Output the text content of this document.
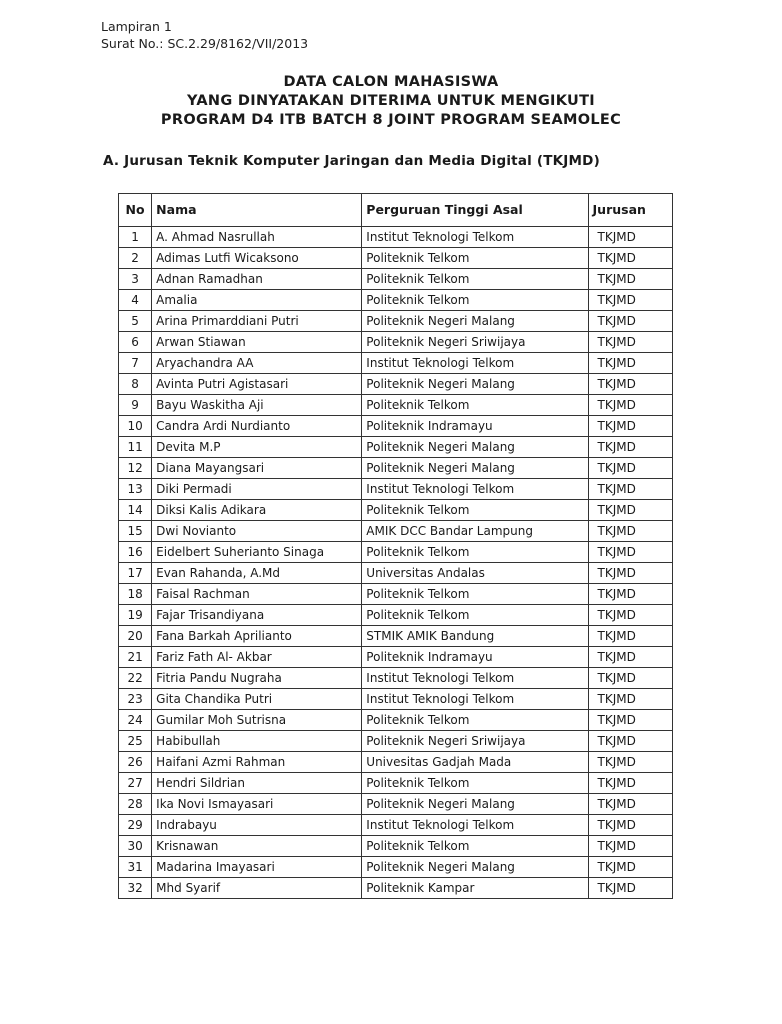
Lampiran 1
Surat No.: SC.2.29/8162/VII/2013
DATA CALON MAHASISWA
YANG DINYATAKAN DITERIMA UNTUK MENGIKUTI
PROGRAM D4 ITB BATCH 8 JOINT PROGRAM SEAMOLEC
A. Jurusan Teknik Komputer Jaringan dan Media Digital (TKJMD)
No	Nama	Perguruan Tinggi Asal	Jurusan
1	A. Ahmad Nasrullah	Institut Teknologi Telkom	TKJMD
2	Adimas Lutfi Wicaksono	Politeknik Telkom	TKJMD
3	Adnan Ramadhan	Politeknik Telkom	TKJMD
4	Amalia	Politeknik Telkom	TKJMD
5	Arina Primarddiani Putri	Politeknik Negeri Malang	TKJMD
6	Arwan Stiawan	Politeknik Negeri Sriwijaya	TKJMD
7	Aryachandra AA	Institut Teknologi Telkom	TKJMD
8	Avinta Putri Agistasari	Politeknik Negeri Malang	TKJMD
9	Bayu Waskitha Aji	Politeknik Telkom	TKJMD
10	Candra Ardi Nurdianto	Politeknik Indramayu	TKJMD
11	Devita M.P	Politeknik Negeri Malang	TKJMD
12	Diana Mayangsari	Politeknik Negeri Malang	TKJMD
13	Diki Permadi	Institut Teknologi Telkom	TKJMD
14	Diksi Kalis Adikara	Politeknik Telkom	TKJMD
15	Dwi Novianto	AMIK DCC Bandar Lampung	TKJMD
16	Eidelbert Suherianto Sinaga	Politeknik Telkom	TKJMD
17	Evan Rahanda, A.Md	Universitas Andalas	TKJMD
18	Faisal Rachman	Politeknik Telkom	TKJMD
19	Fajar Trisandiyana	Politeknik Telkom	TKJMD
20	Fana Barkah Aprilianto	STMIK AMIK Bandung	TKJMD
21	Fariz Fath Al- Akbar	Politeknik Indramayu	TKJMD
22	Fitria Pandu Nugraha	Institut Teknologi Telkom	TKJMD
23	Gita Chandika Putri	Institut Teknologi Telkom	TKJMD
24	Gumilar Moh Sutrisna	Politeknik Telkom	TKJMD
25	Habibullah	Politeknik Negeri Sriwijaya	TKJMD
26	Haifani Azmi Rahman	Univesitas Gadjah Mada	TKJMD
27	Hendri Sildrian	Politeknik Telkom	TKJMD
28	Ika Novi Ismayasari	Politeknik Negeri Malang	TKJMD
29	Indrabayu	Institut Teknologi Telkom	TKJMD
30	Krisnawan	Politeknik Telkom	TKJMD
31	Madarina Imayasari	Politeknik Negeri Malang	TKJMD
32	Mhd Syarif	Politeknik Kampar	TKJMD
